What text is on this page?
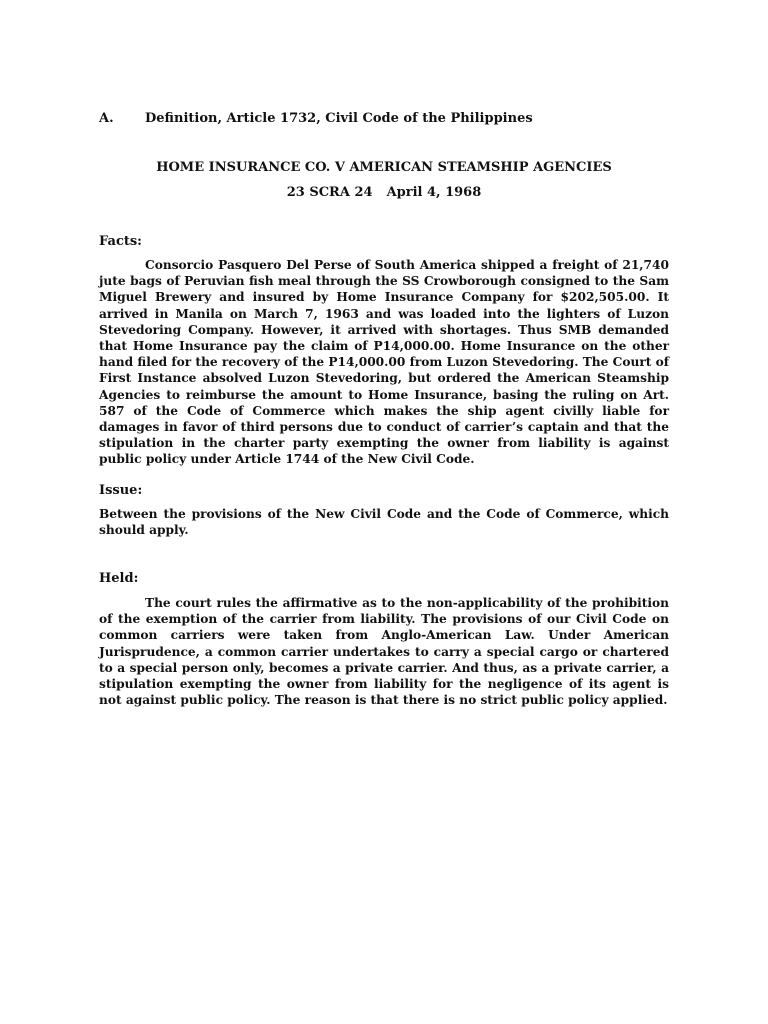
A. Definition, Article 1732, Civil Code of the Philippines
HOME INSURANCE CO. V AMERICAN STEAMSHIP AGENCIES
23 SCRA 24 April 4, 1968
Facts:

Consorcio Pasquero Del Perse of South America shipped a freight of 21,740 jute bags of Peruvian fish meal through the SS Crowborough consigned to the Sam Miguel Brewery and insured by Home Insurance Company for $202,505.00. It arrived in Manila on March 7, 1963 and was loaded into the lighters of Luzon Stevedoring Company. However, it arrived with shortages. Thus SMB demanded that Home Insurance pay the claim of P14,000.00. Home Insurance on the other hand filed for the recovery of the P14,000.00 from Luzon Stevedoring. The Court of First Instance absolved Luzon Stevedoring, but ordered the American Steamship Agencies to reimburse the amount to Home Insurance, basing the ruling on Art. 587 of the Code of Commerce which makes the ship agent civilly liable for damages in favor of third persons due to conduct of carrier’s captain and that the stipulation in the charter party exempting the owner from liability is against public policy under Article 1744 of the New Civil Code.

Issue:

Between the provisions of the New Civil Code and the Code of Commerce, which should apply.

Held:

The court rules the affirmative as to the non-applicability of the prohibition of the exemption of the carrier from liability. The provisions of our Civil Code on common carriers were taken from Anglo-American Law. Under American Jurisprudence, a common carrier undertakes to carry a special cargo or chartered to a special person only, becomes a private carrier. And thus, as a private carrier, a stipulation exempting the owner from liability for the negligence of its agent is not against public policy. The reason is that there is no strict public policy applied.
